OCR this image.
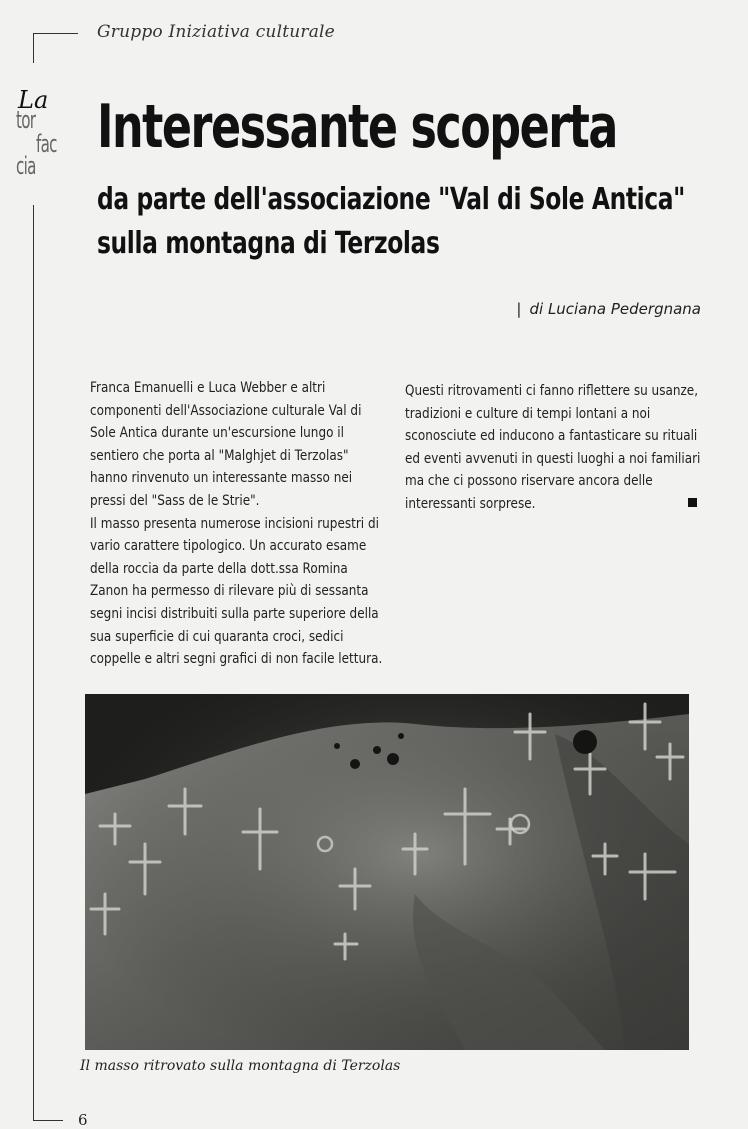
Gruppo Iniziativa culturale
La
tor
fac
cia
Interessante scoperta
da parte dell'associazione "Val di Sole Antica"
sulla montagna di Terzolas
| di Luciana Pedergnana

Franca Emanuelli e Luca Webber e altri componenti dell'Associazione culturale Val di Sole Antica durante un'escursione lungo il sentiero che porta al "Malghjet di Terzolas" hanno rinvenuto un interessante masso nei pressi del "Sass de le Strie".

Il masso presenta numerose incisioni rupestri di vario carattere tipologico. Un accurato esame della roccia da parte della dott.ssa Romina Zanon ha permesso di rilevare più di sessanta segni incisi distribuiti sulla parte superiore della sua superficie di cui quaranta croci, sedici coppelle e altri segni grafici di non facile lettura.

Questi ritrovamenti ci fanno riflettere su usanze, tradizioni e culture di tempi lontani a noi sconosciute ed inducono a fantasticare su rituali ed eventi avvenuti in questi luoghi a noi familiari ma che ci possono riservare ancora delle interessanti sorprese.

Il masso ritrovato sulla montagna di Terzolas
6
